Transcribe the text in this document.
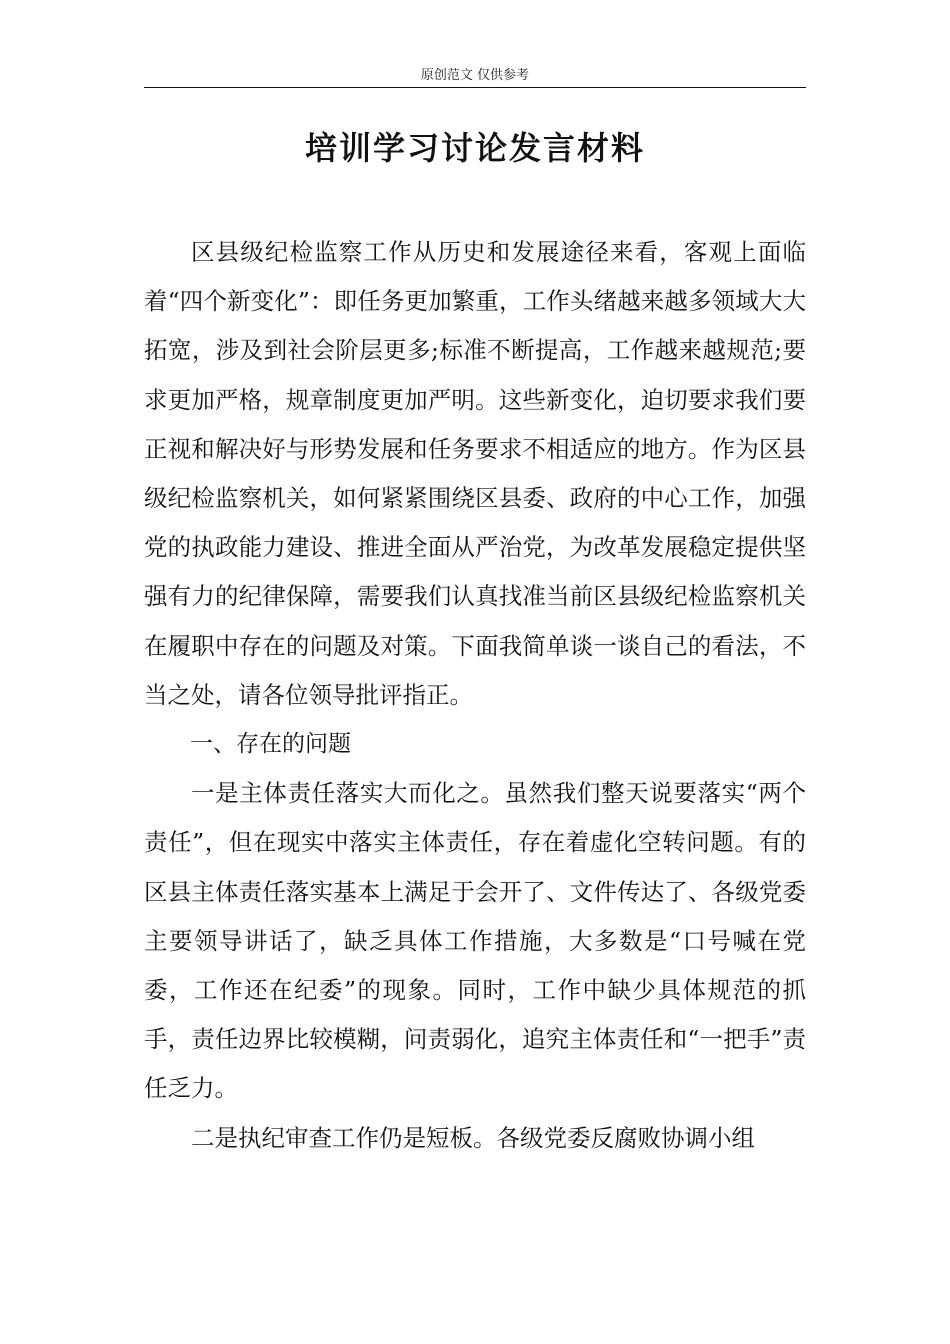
原创范文 仅供参考
培训学习讨论发言材料

区县级纪检监察工作从历史和发展途径来看，客观上面临着“四个新变化”：即任务更加繁重，工作头绪越来越多领域大大拓宽，涉及到社会阶层更多;标准不断提高，工作越来越规范;要求更加严格，规章制度更加严明。这些新变化，迫切要求我们要正视和解决好与形势发展和任务要求不相适应的地方。作为区县级纪检监察机关，如何紧紧围绕区县委、政府的中心工作，加强党的执政能力建设、推进全面从严治党，为改革发展稳定提供坚强有力的纪律保障，需要我们认真找准当前区县级纪检监察机关在履职中存在的问题及对策。下面我简单谈一谈自己的看法，不当之处，请各位领导批评指正。

一、存在的问题

一是主体责任落实大而化之。虽然我们整天说要落实“两个责任”，但在现实中落实主体责任，存在着虚化空转问题。有的区县主体责任落实基本上满足于会开了、文件传达了、各级党委主要领导讲话了，缺乏具体工作措施，大多数是“口号喊在党委，工作还在纪委”的现象。同时，工作中缺少具体规范的抓手，责任边界比较模糊，问责弱化，追究主体责任和“一把手”责任乏力。

二是执纪审查工作仍是短板。各级党委反腐败协调小组
